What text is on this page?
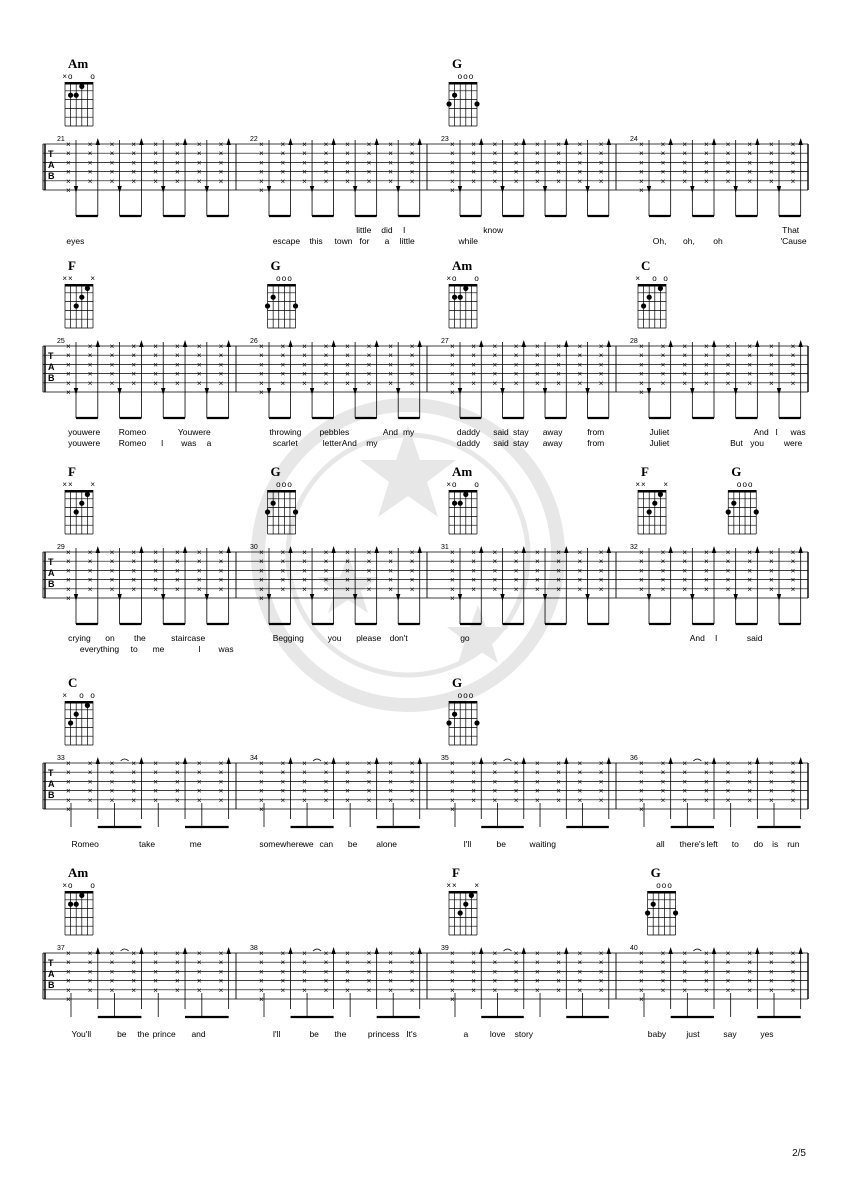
T
A
B
21
×
×
×
×
×
×
×
×
×
×
×
×
×
×
×
×
×
×
×
×
×
×
×
×
×
×
×
×
×
×
×
×
×
×
×
×
×
×
×
×
×
22
×
×
×
×
×
×
×
×
×
×
×
×
×
×
×
×
×
×
×
×
×
×
×
×
×
×
×
×
×
×
×
×
×
×
×
×
×
×
×
×
×
23
×
×
×
×
×
×
×
×
×
×
×
×
×
×
×
×
×
×
×
×
×
×
×
×
×
×
×
×
×
×
×
×
×
×
×
×
×
×
×
×
×
24
×
×
×
×
×
×
×
×
×
×
×
×
×
×
×
×
×
×
×
×
×
×
×
×
×
×
×
×
×
×
×
×
×
×
×
×
×
×
×
×
×
Am
× o o
G
o o o
eyes	escape this town for a little
little did I
while
know
Oh, oh, oh
That
'Cause
T
A
B
25
×
×
×
×
×
×
×
×
×
×
×
×
×
×
×
×
×
×
×
×
×
×
×
×
×
×
×
×
×
×
×
×
×
×
×
×
×
×
×
×
×
26
×
×
×
×
×
×
×
×
×
×
×
×
×
×
×
×
×
×
×
×
×
×
×
×
×
×
×
×
×
×
×
×
×
×
×
×
×
×
×
×
×
27
×
×
×
×
×
×
×
×
×
×
×
×
×
×
×
×
×
×
×
×
×
×
×
×
×
×
×
×
×
×
×
×
×
×
×
×
×
×
×
×
×
28
×
×
×
×
×
×
×
×
×
×
×
×
×
×
×
×
×
×
×
×
×
×
×
×
×
×
×
×
×
×
×
×
×
×
×
×
×
×
×
×
×
F
× × ×
G
o o o
Am
× o o
C
× o o
youwere Romeo	Youwere
youwere Romeo I was a
throwing pebbles	And my
scarlet	letterAnd my
daddy said stay away	from
daddy said stay away	from
Juliet	And I was
Juliet	But you were
T
A
B
29
×
×
×
×
×
×
×
×
×
×
×
×
×
×
×
×
×
×
×
×
×
×
×
×
×
×
×
×
×
×
×
×
×
×
×
×
×
×
×
×
×
30
×
×
×
×
×
×
×
×
×
×
×
×
×
×
×
×
×
×
×
×
×
×
×
×
×
×
×
×
×
×
×
×
×
×
×
×
×
×
×
×
×
31
×
×
×
×
×
×
×
×
×
×
×
×
×
×
×
×
×
×
×
×
×
×
×
×
×
×
×
×
×
×
×
×
×
×
×
×
×
×
×
×
×
32
×
×
×
×
×
×
×
×
×
×
×
×
×
×
×
×
×
×
×
×
×
×
×
×
×
×
×
×
×
×
×
×
×
×
×
×
×
×
×
×
F
× × ×
G
o o o
Am
× o o
F
× × ×
G
o o o
crying on the	staircase
everything to me	I was
Begging	you please don't	go	And I	said
T
A
B
33
×
×
×
×
×
×
×
×
×
×
×
×
×
×
×
×
×
×
×
×
×
×
×
×
×
×
×
×
×
×
×
×
×
×
×
×
×
×
×
×
×
34
×
×
×
×
×
×
×
×
×
×
×
×
×
×
×
×
×
×
×
×
×
×
×
×
×
×
×
×
×
×
×
×
×
×
×
×
×
×
×
×
×
35
×
×
×
×
×
×
×
×
×
×
×
×
×
×
×
×
×
×
×
×
×
×
×
×
×
×
×
×
×
×
×
×
×
×
×
×
×
×
×
×
×
36
×
×
×
×
×
×
×
×
×
×
×
×
×
×
×
×
×
×
×
×
×
×
×
×
×
×
×
×
×
×
×
×
×
×
×
×
×
×
×
×
×
C
× o o
G
o o o
Romeo	take	me	somewhere we can be alone	I'll	be	waiting	all there's left to do is run
T
A
B
37
×
×
×
×
×
×
×
×
×
×
×
×
×
×
×
×
×
×
×
×
×
×
×
×
×
×
×
×
×
×
×
×
×
×
×
×
×
×
×
×
×
38
×
×
×
×
×
×
×
×
×
×
×
×
×
×
×
×
×
×
×
×
×
×
×
×
×
×
×
×
×
×
×
×
×
×
×
×
×
×
×
×
×
39
×
×
×
×
×
×
×
×
×
×
×
×
×
×
×
×
×
×
×
×
×
×
×
×
×
×
×
×
×
×
×
×
×
×
×
×
×
×
×
×
×
40
×
×
×
×
×
×
×
×
×
×
×
×
×
×
×
×
×
×
×
×
×
×
×
×
×
×
×
×
×
×
×
×
×
×
×
×
×
×
×
×
×
Am
× o o
F
× × ×
G
o o o
You'll	be the prince and	I'll	be the	princess It's	a	love story	baby just	say	yes
2/5
